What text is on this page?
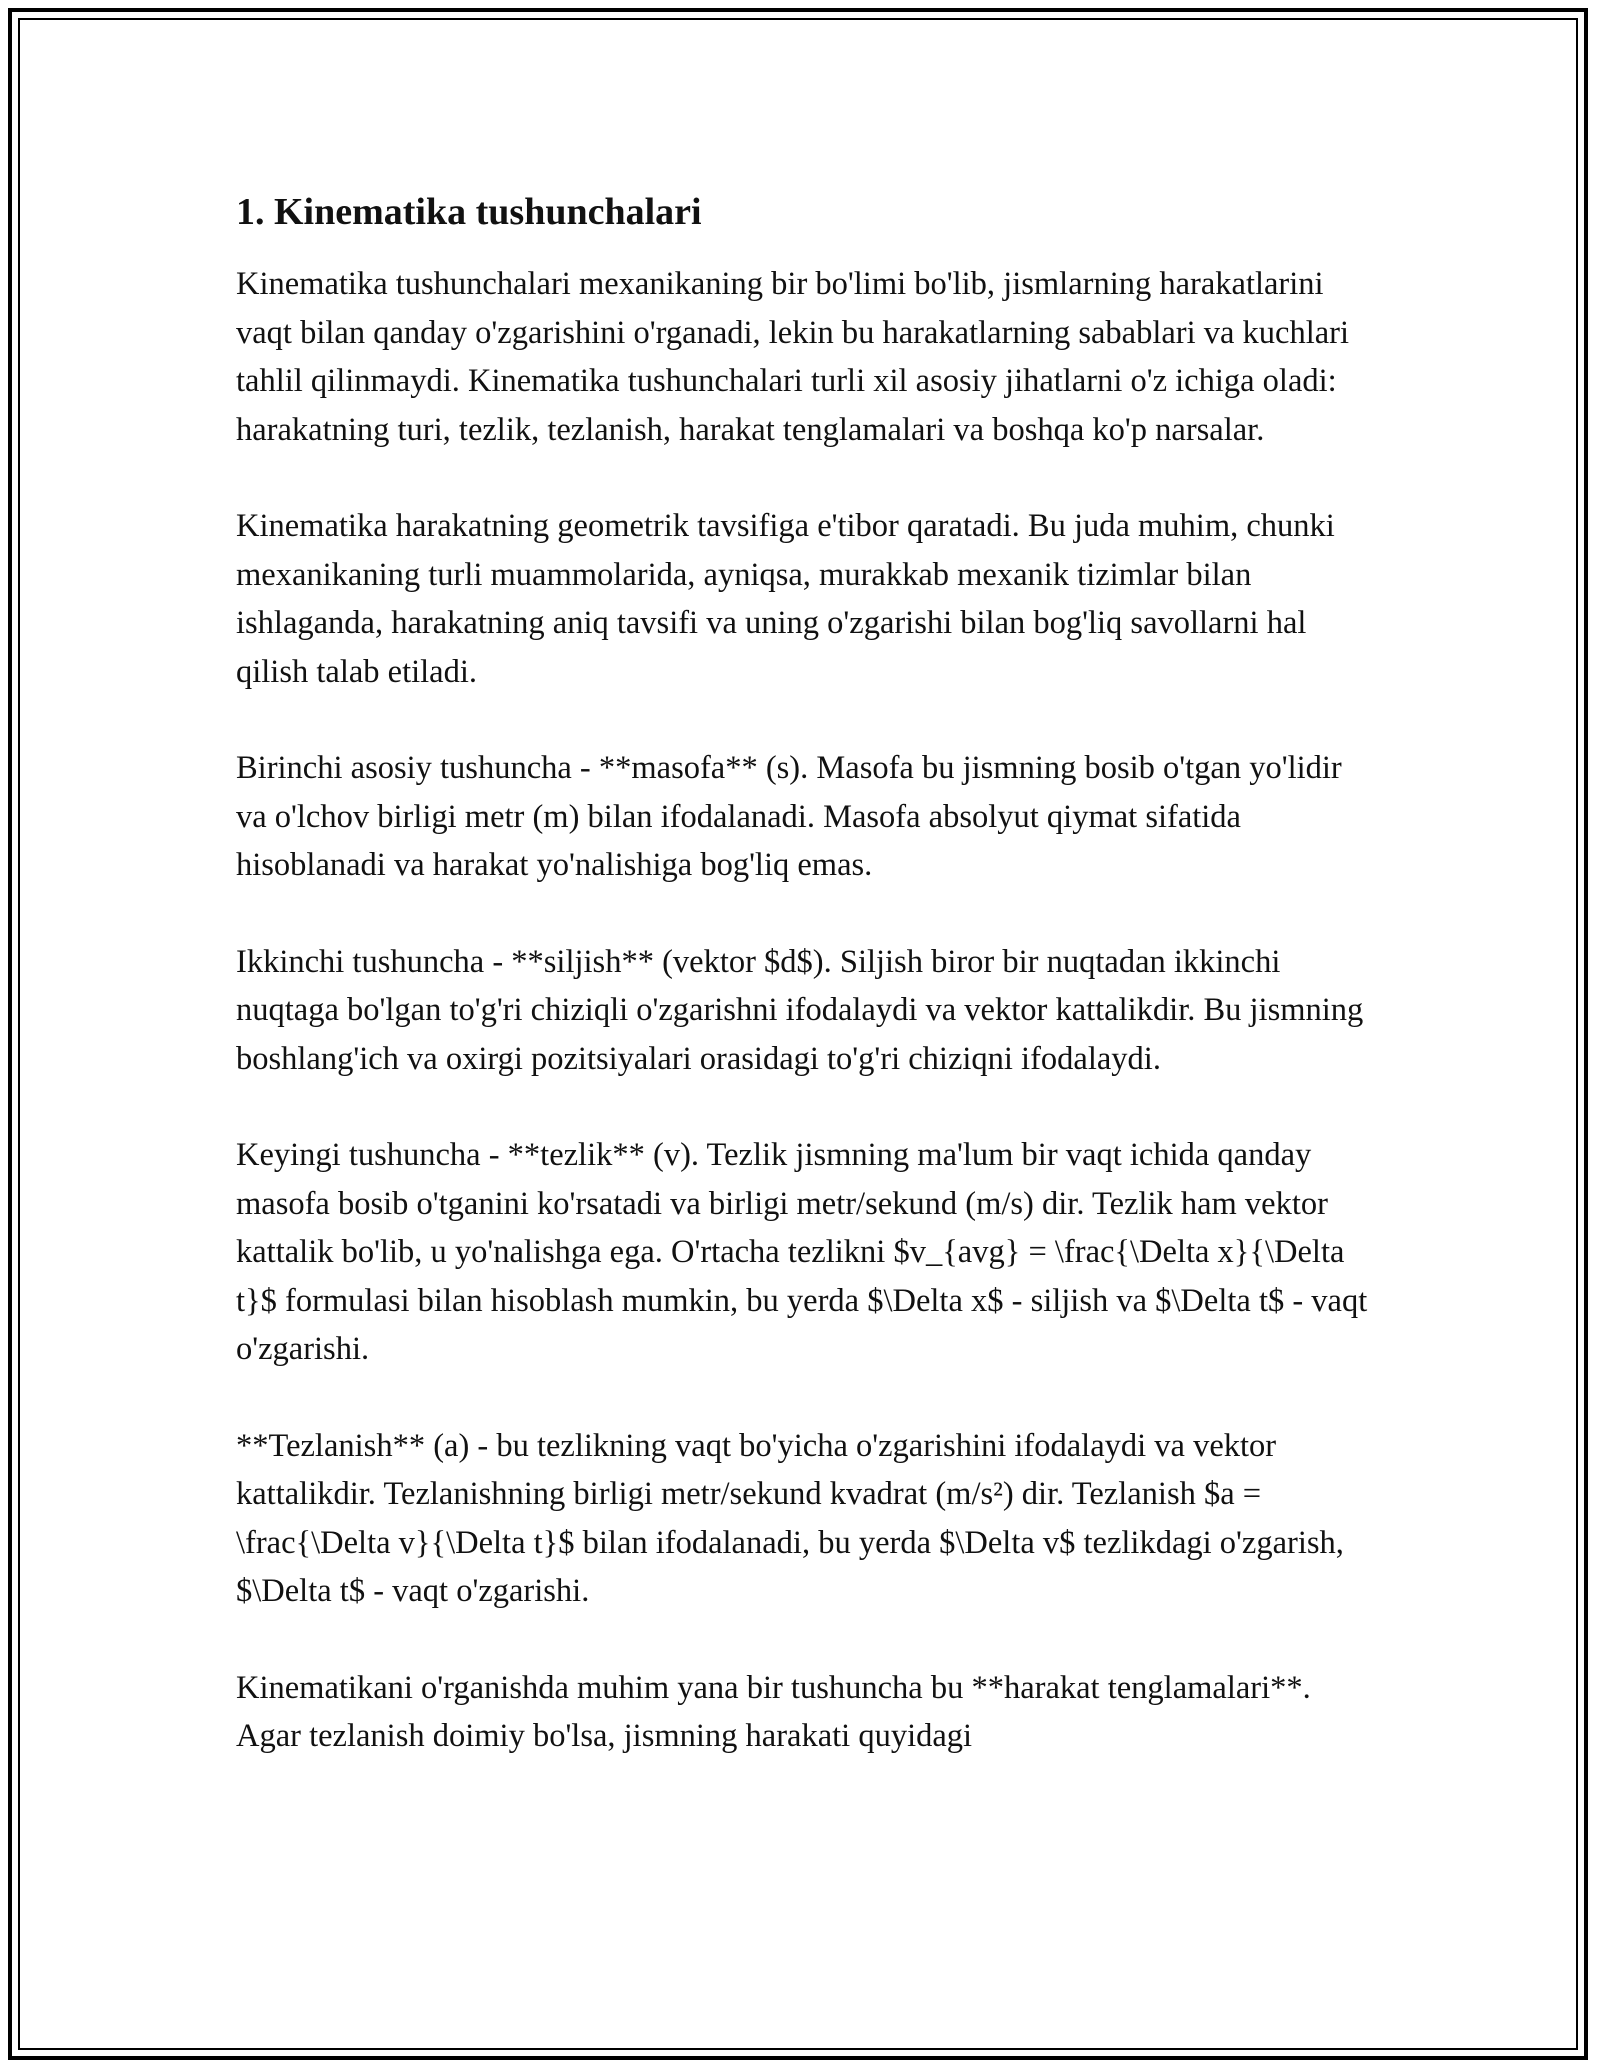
1. Kinematika tushunchalari

Kinematika tushunchalari mexanikaning bir bo'limi bo'lib, jismlarning harakatlarini vaqt bilan qanday o'zgarishini o'rganadi, lekin bu harakatlarning sabablari va kuchlari tahlil qilinmaydi. Kinematika tushunchalari turli xil asosiy jihatlarni o'z ichiga oladi: harakatning turi, tezlik, tezlanish, harakat tenglamalari va boshqa ko'p narsalar.

Kinematika harakatning geometrik tavsifiga e'tibor qaratadi. Bu juda muhim, chunki mexanikaning turli muammolarida, ayniqsa, murakkab mexanik tizimlar bilan ishlaganda, harakatning aniq tavsifi va uning o'zgarishi bilan bog'liq savollarni hal qilish talab etiladi.

Birinchi asosiy tushuncha - **masofa** (s). Masofa bu jismning bosib o'tgan yo'lidir va o'lchov birligi metr (m) bilan ifodalanadi. Masofa absolyut qiymat sifatida hisoblanadi va harakat yo'nalishiga bog'liq emas.

Ikkinchi tushuncha - **siljish** (vektor $d$). Siljish biror bir nuqtadan ikkinchi nuqtaga bo'lgan to'g'ri chiziqli o'zgarishni ifodalaydi va vektor kattalikdir. Bu jismning boshlang'ich va oxirgi pozitsiyalari orasidagi to'g'ri chiziqni ifodalaydi.

Keyingi tushuncha - **tezlik** (v). Tezlik jismning ma'lum bir vaqt ichida qanday masofa bosib o'tganini ko'rsatadi va birligi metr/sekund (m/s) dir. Tezlik ham vektor kattalik bo'lib, u yo'nalishga ega. O'rtacha tezlikni $v_{avg} = \frac{\Delta x}{\Delta t}$ formulasi bilan hisoblash mumkin, bu yerda $\Delta x$ - siljish va $\Delta t$ - vaqt o'zgarishi.

**Tezlanish** (a) - bu tezlikning vaqt bo'yicha o'zgarishini ifodalaydi va vektor kattalikdir. Tezlanishning birligi metr/sekund kvadrat (m/s²) dir. Tezlanish $a = \frac{\Delta v}{\Delta t}$ bilan ifodalanadi, bu yerda $\Delta v$ tezlikdagi o'zgarish, $\Delta t$ - vaqt o'zgarishi.

Kinematikani o'rganishda muhim yana bir tushuncha bu **harakat tenglamalari**. Agar tezlanish doimiy bo'lsa, jismning harakati quyidagi
